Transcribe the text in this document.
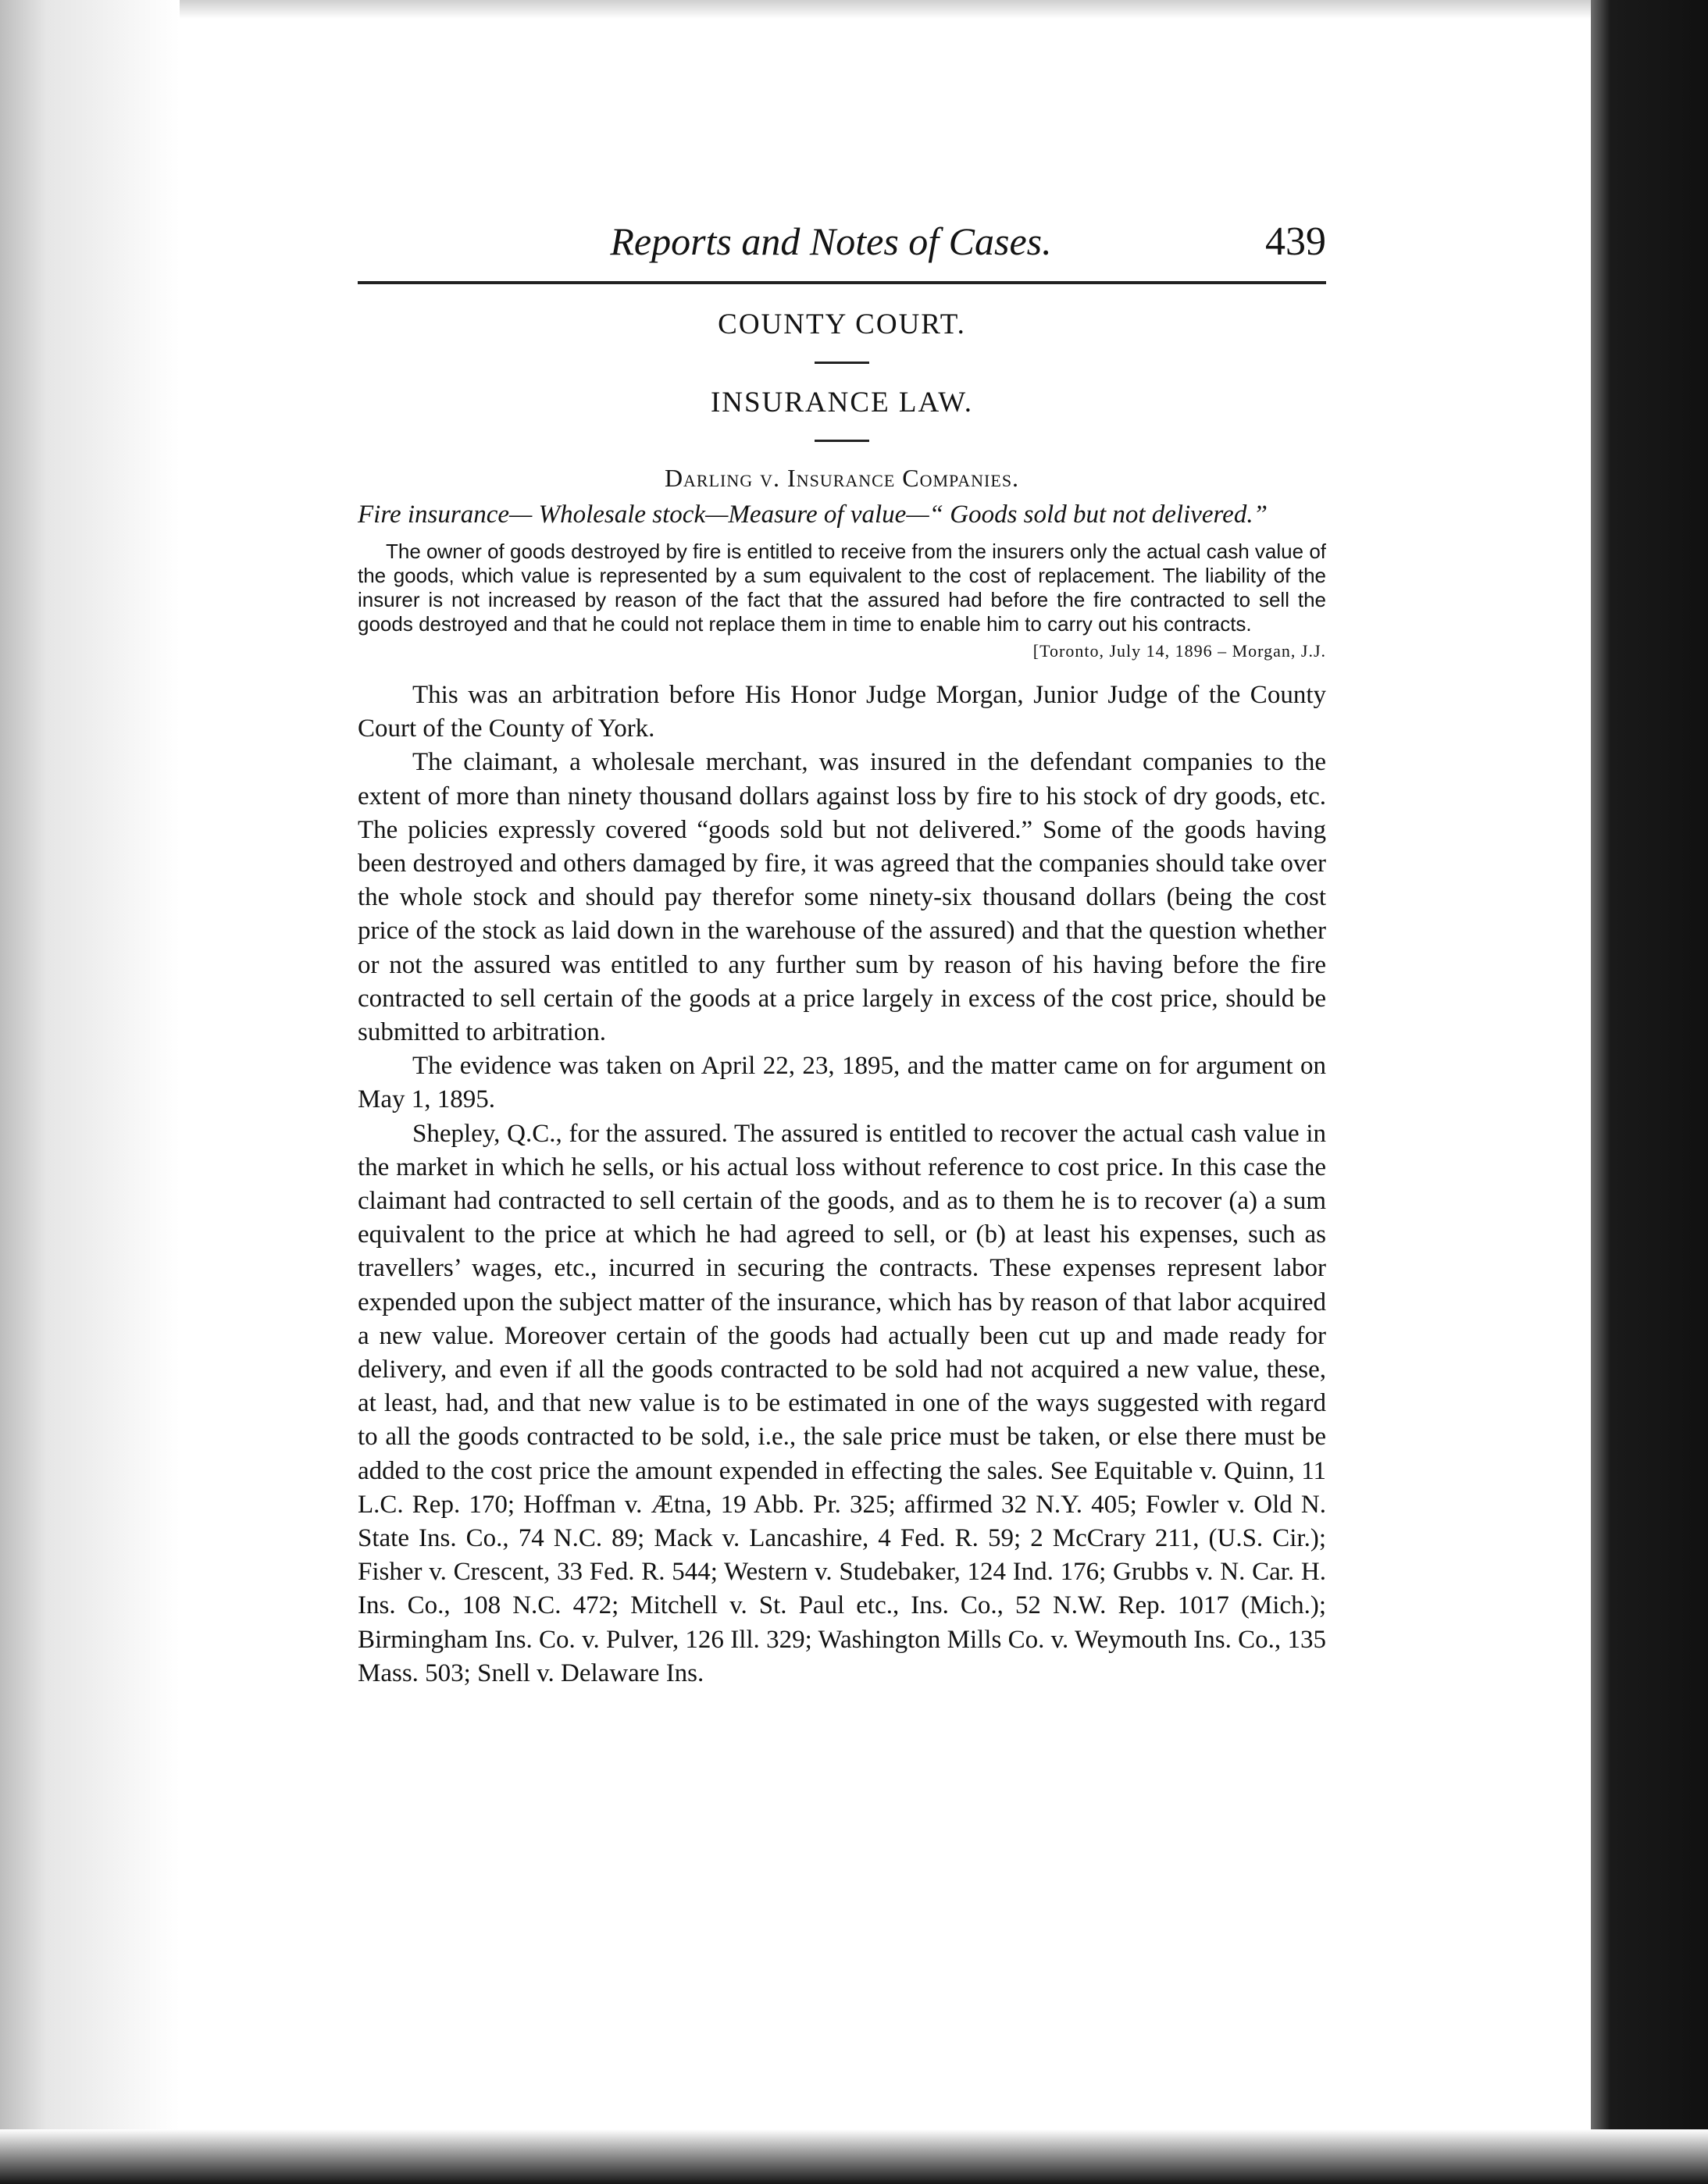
Reports and Notes of Cases.	439
COUNTY COURT.
INSURANCE LAW.
Darling v. Insurance Companies.
Fire insurance— Wholesale stock—Measure of value—“ Goods sold but not delivered.”
The owner of goods destroyed by fire is entitled to receive from the insurers only the actual cash value of the goods, which value is represented by a sum equivalent to the cost of replacement. The liability of the insurer is not increased by reason of the fact that the assured had before the fire contracted to sell the goods destroyed and that he could not replace them in time to enable him to carry out his contracts.
[Toronto, July 14, 1896 – Morgan, J.J.

This was an arbitration before His Honor Judge Morgan, Junior Judge of the County Court of the County of York.

The claimant, a wholesale merchant, was insured in the defendant companies to the extent of more than ninety thousand dollars against loss by fire to his stock of dry goods, etc. The policies expressly covered “goods sold but not delivered.” Some of the goods having been destroyed and others damaged by fire, it was agreed that the companies should take over the whole stock and should pay therefor some ninety-six thousand dollars (being the cost price of the stock as laid down in the warehouse of the assured) and that the question whether or not the assured was entitled to any further sum by reason of his having before the fire contracted to sell certain of the goods at a price largely in excess of the cost price, should be submitted to arbitration.

The evidence was taken on April 22, 23, 1895, and the matter came on for argument on May 1, 1895.

Shepley, Q.C., for the assured. The assured is entitled to recover the actual cash value in the market in which he sells, or his actual loss without reference to cost price. In this case the claimant had contracted to sell certain of the goods, and as to them he is to recover (a) a sum equivalent to the price at which he had agreed to sell, or (b) at least his expenses, such as travellers’ wages, etc., incurred in securing the contracts. These expenses represent labor expended upon the subject matter of the insurance, which has by reason of that labor acquired a new value. Moreover certain of the goods had actually been cut up and made ready for delivery, and even if all the goods contracted to be sold had not acquired a new value, these, at least, had, and that new value is to be estimated in one of the ways suggested with regard to all the goods contracted to be sold, i.e., the sale price must be taken, or else there must be added to the cost price the amount expended in effecting the sales. See Equitable v. Quinn, 11 L.C. Rep. 170; Hoffman v. Ætna, 19 Abb. Pr. 325; affirmed 32 N.Y. 405; Fowler v. Old N. State Ins. Co., 74 N.C. 89; Mack v. Lancashire, 4 Fed. R. 59; 2 McCrary 211, (U.S. Cir.); Fisher v. Crescent, 33 Fed. R. 544; Western v. Studebaker, 124 Ind. 176; Grubbs v. N. Car. H. Ins. Co., 108 N.C. 472; Mitchell v. St. Paul etc., Ins. Co., 52 N.W. Rep. 1017 (Mich.); Birmingham Ins. Co. v. Pulver, 126 Ill. 329; Washington Mills Co. v. Weymouth Ins. Co., 135 Mass. 503; Snell v. Delaware Ins.
